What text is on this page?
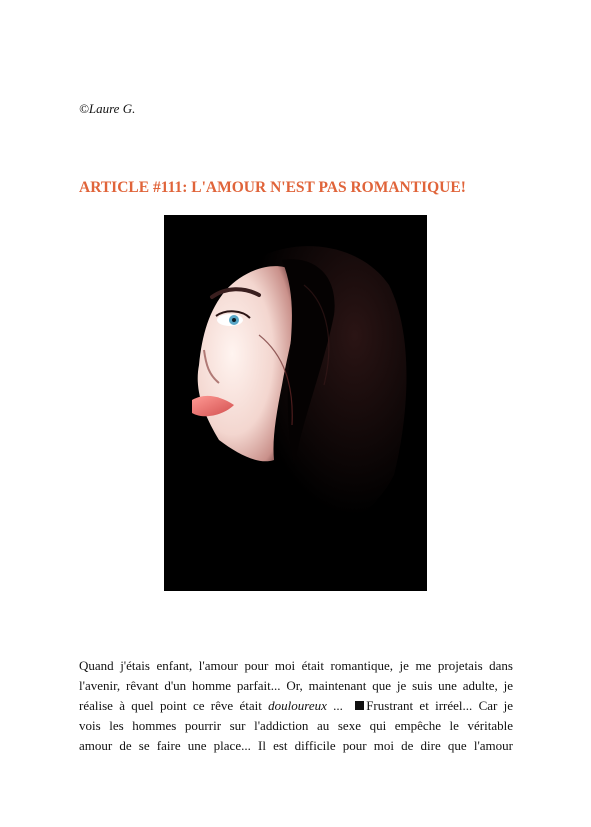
©Laure G.
ARTICLE #111: L'AMOUR N'EST PAS ROMANTIQUE!
Quand j'étais enfant, l'amour pour moi était romantique, je me projetais dans
l'avenir, rêvant d'un homme parfait... Or, maintenant que je suis une adulte, je
réalise à quel point ce rêve était douloureux ... Frustrant et irréel... Car je
vois les hommes pourrir sur l'addiction au sexe qui empêche le véritable
amour de se faire une place... Il est difficile pour moi de dire que l'amour
